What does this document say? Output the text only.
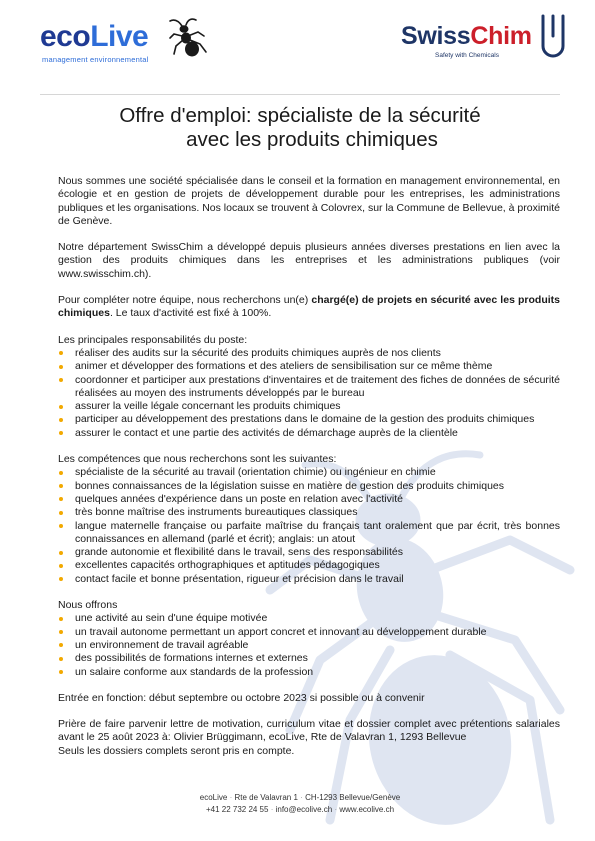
ecoLive
management environnemental
SwissChim
Safety with Chemicals
Offre d'emploi: spécialiste de la sécurité
avec les produits chimiques

Nous sommes une société spécialisée dans le conseil et la formation en management environnemental, en écologie et en gestion de projets de développement durable pour les entreprises, les administrations publiques et les organisations. Nos locaux se trouvent à Colovrex, sur la Commune de Bellevue, à proximité de Genève.

Notre département SwissChim a développé depuis plusieurs années diverses prestations en lien avec la gestion des produits chimiques dans les entreprises et les administrations publiques (voir www.swisschim.ch).

Pour compléter notre équipe, nous recherchons un(e) chargé(e) de projets en sécurité avec les produits chimiques. Le taux d'activité est fixé à 100%.

Les principales responsabilités du poste:
réaliser des audits sur la sécurité des produits chimiques auprès de nos clients
animer et développer des formations et des ateliers de sensibilisation sur ce même thème
coordonner et participer aux prestations d'inventaires et de traitement des fiches de données de sécurité réalisées au moyen des instruments développés par le bureau
assurer la veille légale concernant les produits chimiques
participer au développement des prestations dans le domaine de la gestion des produits chimiques
assurer le contact et une partie des activités de démarchage auprès de la clientèle
Les compétences que nous recherchons sont les suivantes:
spécialiste de la sécurité au travail (orientation chimie) ou ingénieur en chimie
bonnes connaissances de la législation suisse en matière de gestion des produits chimiques
quelques années d'expérience dans un poste en relation avec l'activité
très bonne maîtrise des instruments bureautiques classiques
langue maternelle française ou parfaite maîtrise du français tant oralement que par écrit, très bonnes connaissances en allemand (parlé et écrit); anglais: un atout
grande autonomie et flexibilité dans le travail, sens des responsabilités
excellentes capacités orthographiques et aptitudes pédagogiques
contact facile et bonne présentation, rigueur et précision dans le travail
Nous offrons
une activité au sein d'une équipe motivée
un travail autonome permettant un apport concret et innovant au développement durable
un environnement de travail agréable
des possibilités de formations internes et externes
un salaire conforme aux standards de la profession

Entrée en fonction: début septembre ou octobre 2023 si possible ou à convenir

Prière de faire parvenir lettre de motivation, curriculum vitae et dossier complet avec prétentions salariales avant le 25 août 2023 à: Olivier Brüggimann, ecoLive, Rte de Valavran 1, 1293 Bellevue

Seuls les dossiers complets seront pris en compte.

ecoLive · Rte de Valavran 1 · CH-1293 Bellevue/Genève
+41 22 732 24 55 · info@ecolive.ch · www.ecolive.ch
